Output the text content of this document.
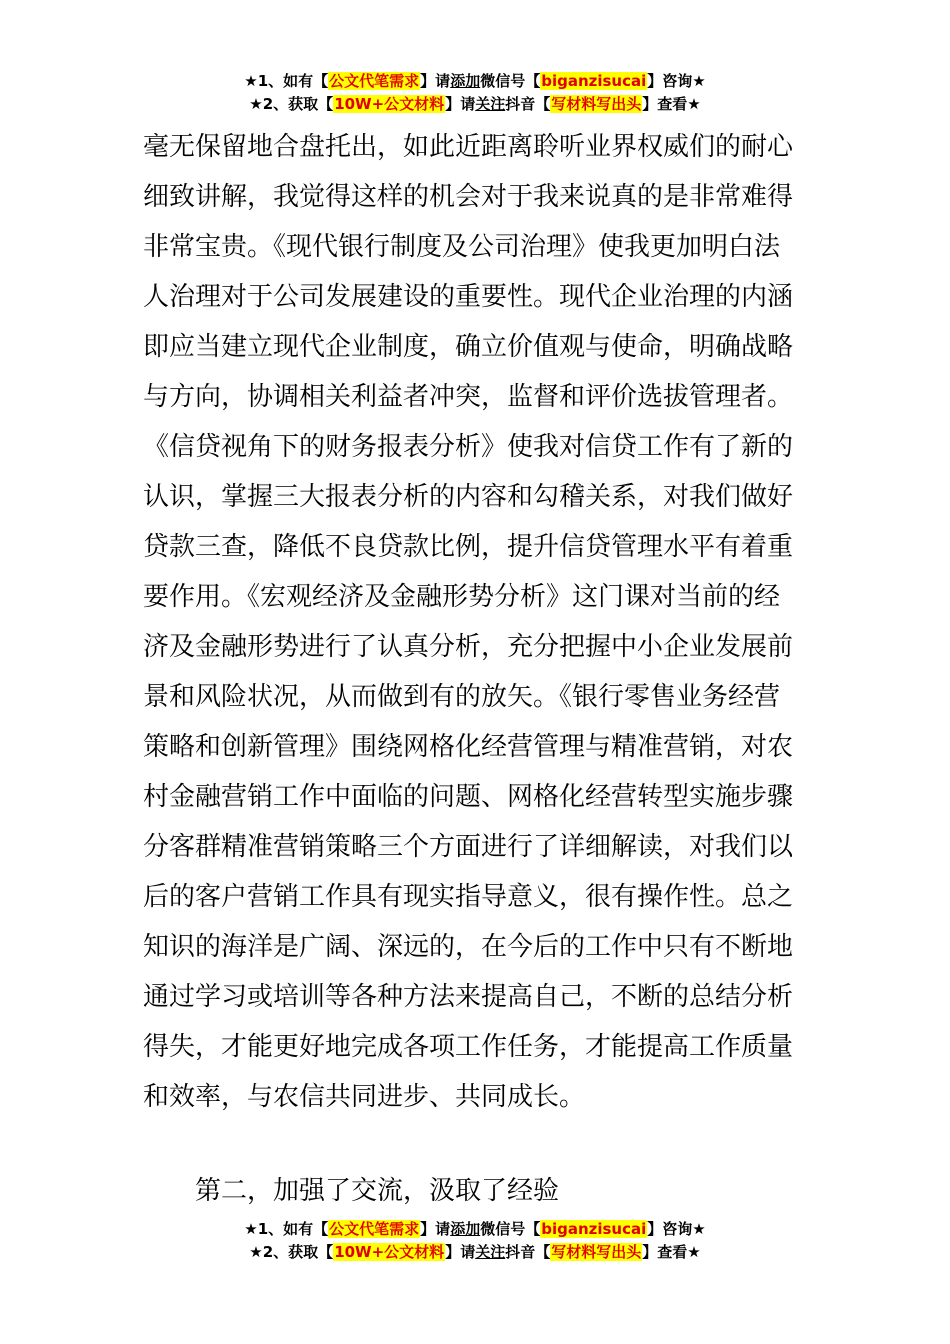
★1、如有【公文代笔需求】请添加微信号【biganzisucai】咨询★
★2、获取【10W+公文材料】请关注抖音【写材料写出头】查看★
毫无保留地合盘托出，如此近距离聆听业界权威们的耐心
细致讲解，我觉得这样的机会对于我来说真的是非常难得
非常宝贵。《现代银行制度及公司治理》使我更加明白法
人治理对于公司发展建设的重要性。现代企业治理的内涵
即应当建立现代企业制度，确立价值观与使命，明确战略
与方向，协调相关利益者冲突，监督和评价选拔管理者。
《信贷视角下的财务报表分析》使我对信贷工作有了新的
认识，掌握三大报表分析的内容和勾稽关系，对我们做好
贷款三查，降低不良贷款比例，提升信贷管理水平有着重
要作用。《宏观经济及金融形势分析》这门课对当前的经
济及金融形势进行了认真分析，充分把握中小企业发展前
景和风险状况，从而做到有的放矢。《银行零售业务经营
策略和创新管理》围绕网格化经营管理与精准营销，对农
村金融营销工作中面临的问题、网格化经营转型实施步骤
分客群精准营销策略三个方面进行了详细解读，对我们以
后的客户营销工作具有现实指导意义，很有操作性。总之
知识的海洋是广阔、深远的，在今后的工作中只有不断地
通过学习或培训等各种方法来提高自己，不断的总结分析
得失，才能更好地完成各项工作任务，才能提高工作质量
和效率，与农信共同进步、共同成长。
第二，加强了交流，汲取了经验
★1、如有【公文代笔需求】请添加微信号【biganzisucai】咨询★
★2、获取【10W+公文材料】请关注抖音【写材料写出头】查看★
